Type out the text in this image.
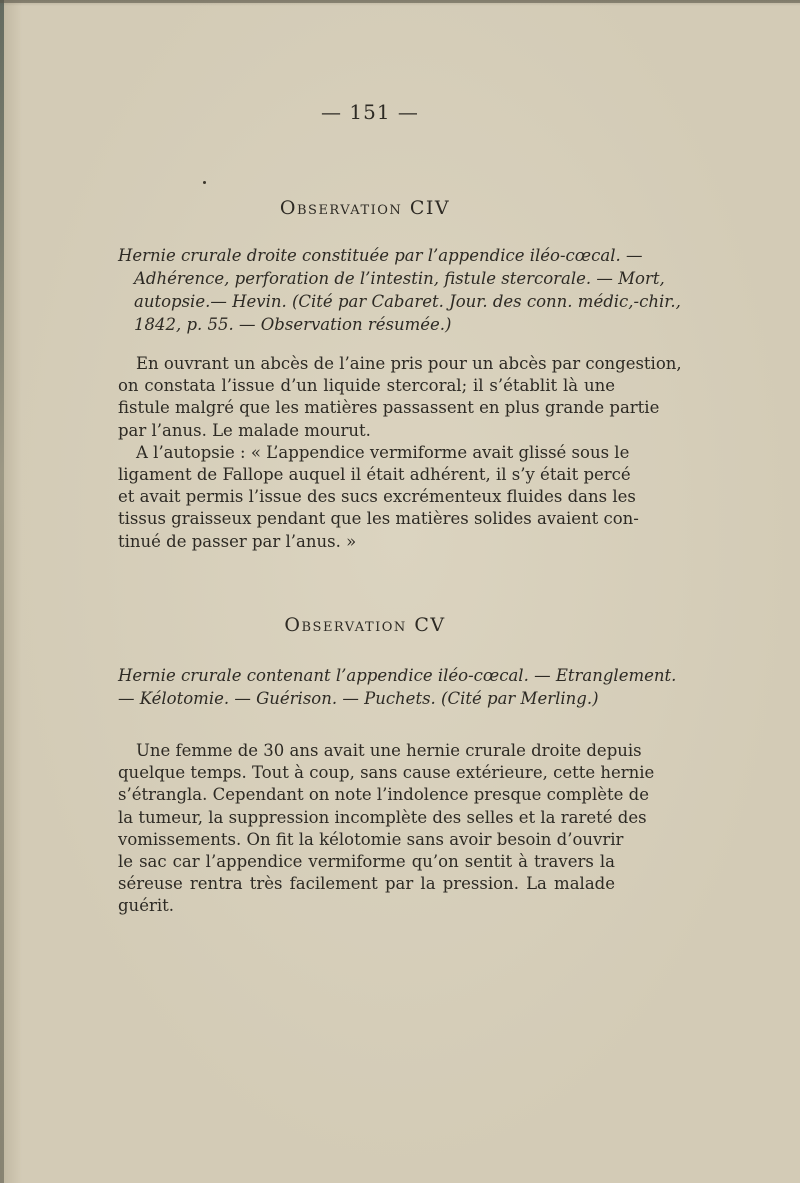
— 151 —
Observation CIV
Hernie crurale droite constituée par l’appendice iléo-cœcal. —
Adhérence, perforation de l’intestin, fistule stercorale. — Mort,
autopsie.— Hevin. (Cité par Cabaret. Jour. des conn. médic,-chir.,
1842, p. 55. — Observation résumée.)
En ouvrant un abcès de l’aine pris pour un abcès par congestion,
on constata l’issue d’un liquide stercoral; il s’établit là une
fistule malgré que les matières passassent en plus grande partie
par l’anus. Le malade mourut.
A l’autopsie : « L’appendice vermiforme avait glissé sous le
ligament de Fallope auquel il était adhérent, il s’y était percé
et avait permis l’issue des sucs excrémenteux fluides dans les
tissus graisseux pendant que les matières solides avaient con-
tinué de passer par l’anus. »
Observation CV
Hernie crurale contenant l’appendice iléo-cœcal. — Etranglement.
— Kélotomie. — Guérison. — Puchets. (Cité par Merling.)
Une femme de 30 ans avait une hernie crurale droite depuis
quelque temps. Tout à coup, sans cause extérieure, cette hernie
s’étrangla. Cependant on note l’indolence presque complète de
la tumeur, la suppression incomplète des selles et la rareté des
vomissements. On fit la kélotomie sans avoir besoin d’ouvrir
le sac car l’appendice vermiforme qu’on sentit à travers la
séreuse rentra très facilement par la pression. La malade
guérit.
